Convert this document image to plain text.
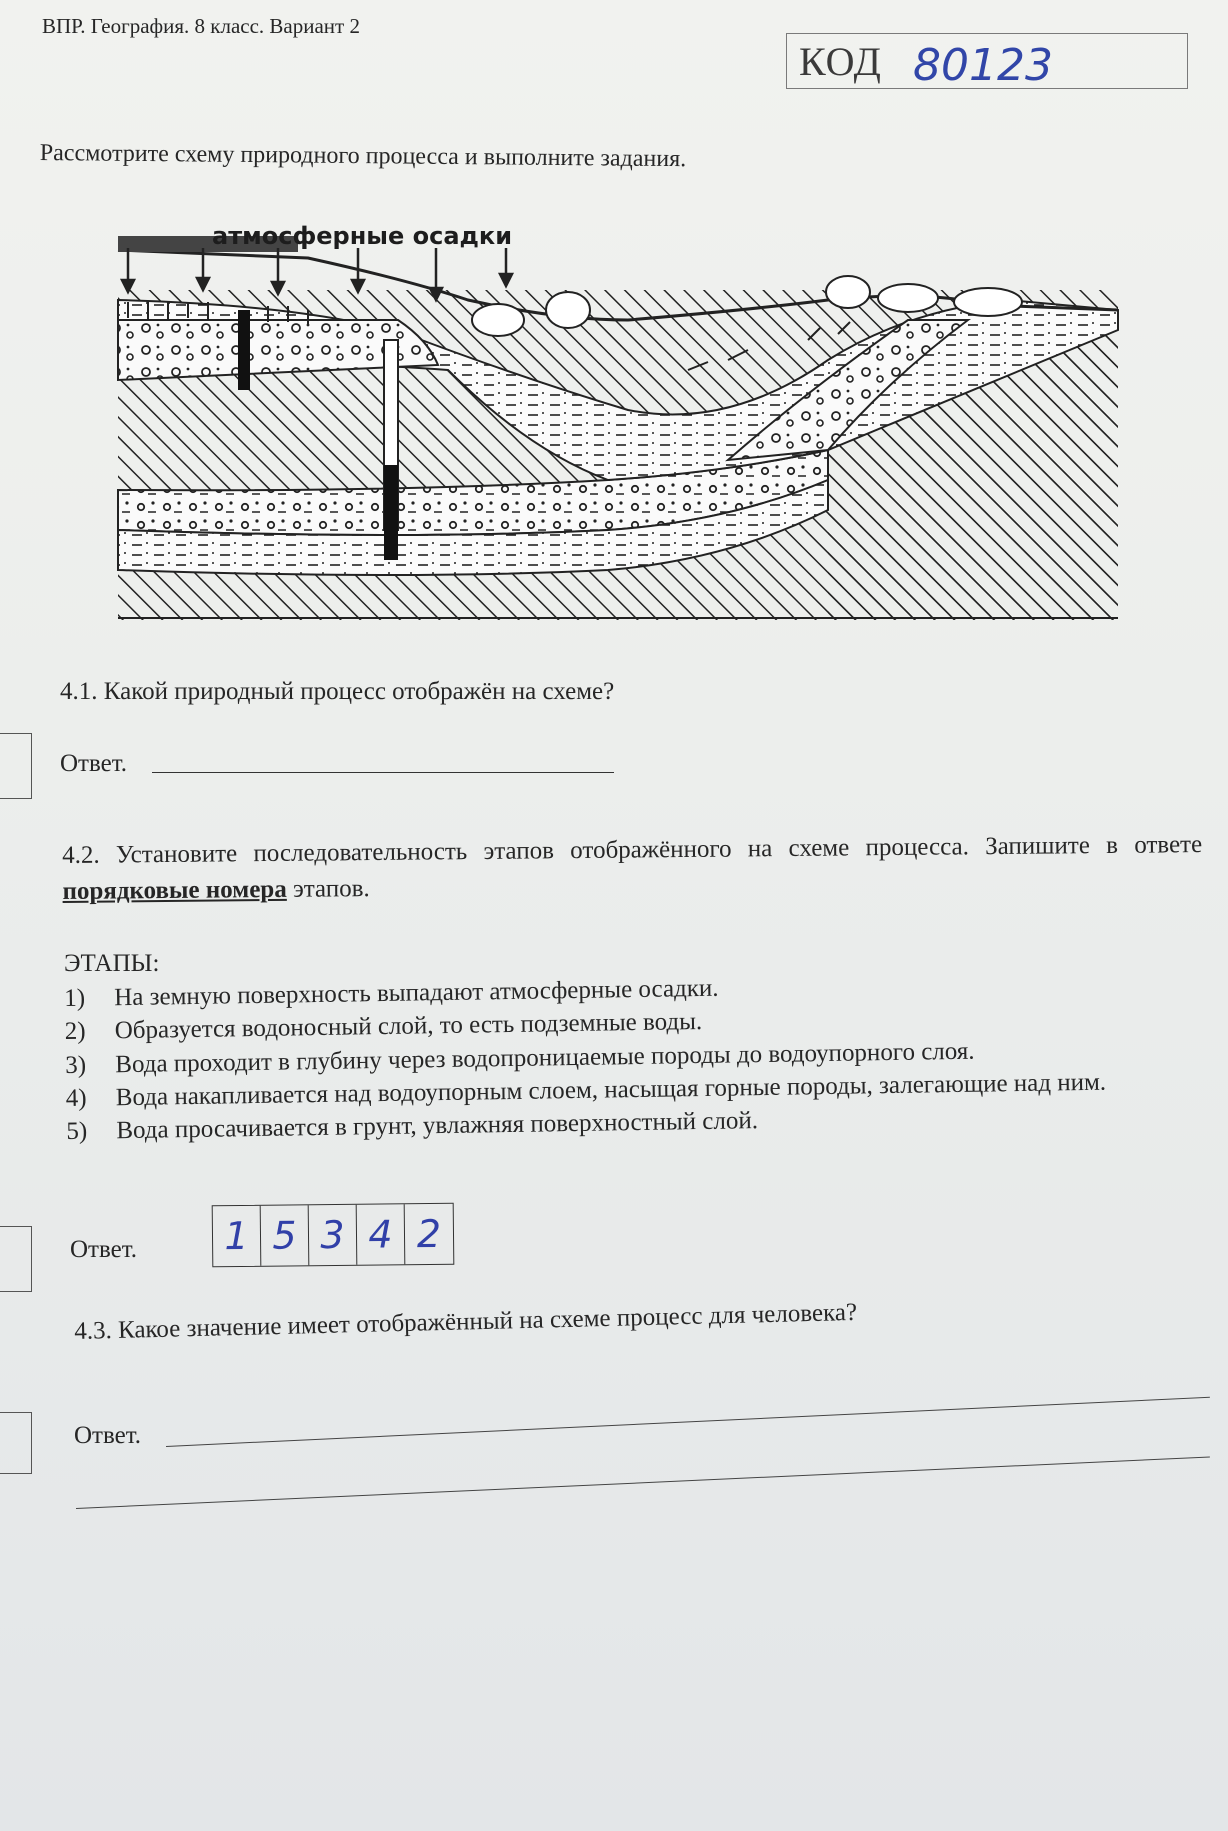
ВПР. География. 8 класс. Вариант 2
КОД 80123
Рассмотрите схему природного процесса и выполните задания.
атмосферные осадки
4.1. Какой природный процесс отображён на схеме?
Ответ.
4.2. Установите последовательность этапов отображённого на схеме процесса. Запишите в ответе порядковые номера этапов.
ЭТАПЫ:
1)	На земную поверхность выпадают атмосферные осадки.
2)	Образуется водоносный слой, то есть подземные воды.
3)	Вода проходит в глубину через водопроницаемые породы до водоупорного слоя.
4)	Вода накапливается над водоупорным слоем, насыщая горные породы, залегающие над ним.
5)	Вода просачивается в грунт, увлажняя поверхностный слой.
Ответ.	1 5 3 4 2
4.3. Какое значение имеет отображённый на схеме процесс для человека?
Ответ.
